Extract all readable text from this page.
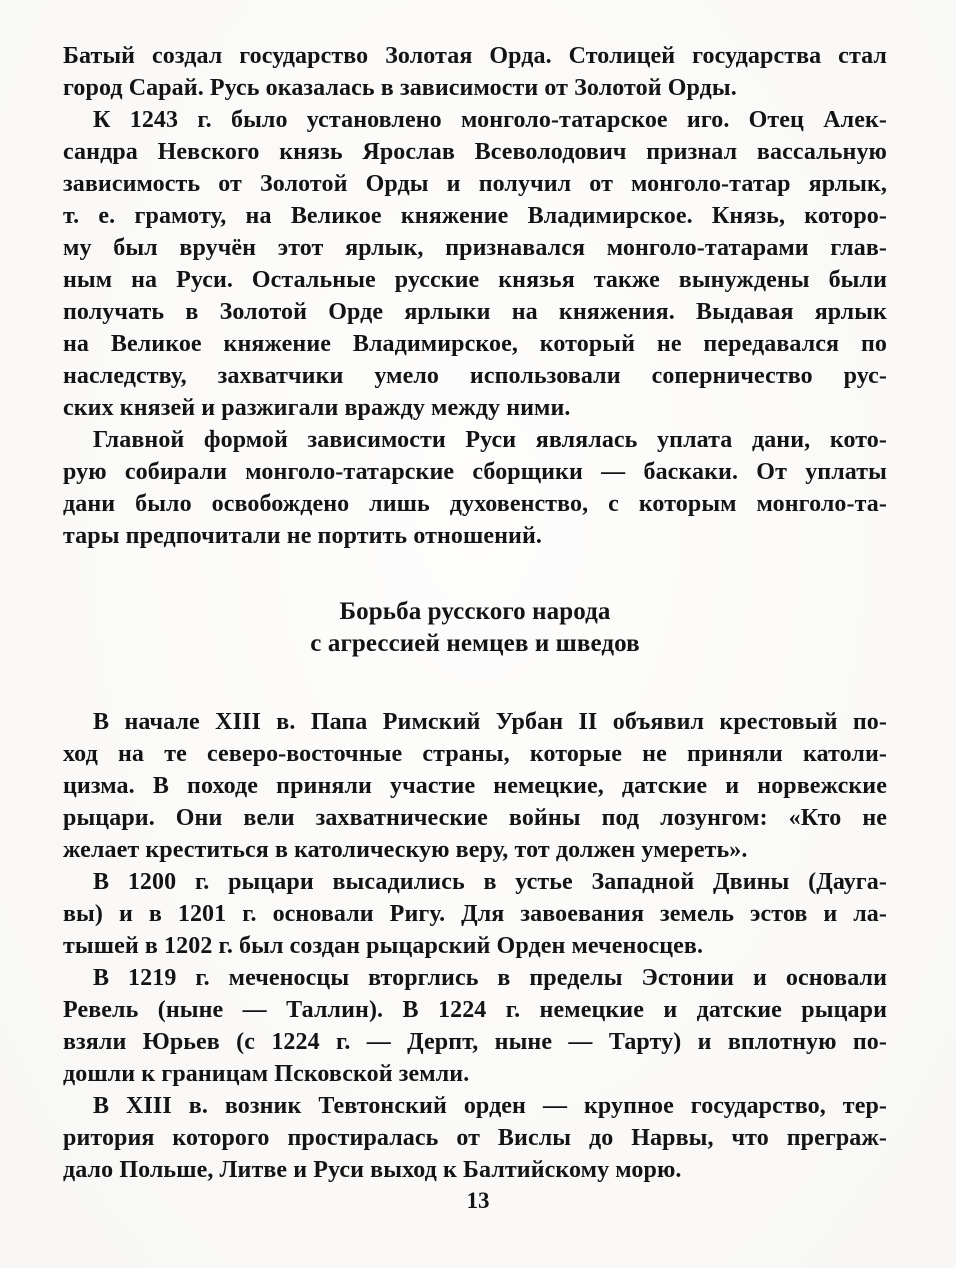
Батый создал государство Золотая Орда. Столицей государства стал
город Сарай. Русь оказалась в зависимости от Золотой Орды.
К 1243 г. было установлено монголо-татарское иго. Отец Алек-
сандра Невского князь Ярослав Всеволодович признал вассальную
зависимость от Золотой Орды и получил от монголо-татар ярлык,
т. е. грамоту, на Великое княжение Владимирское. Князь, которо-
му был вручён этот ярлык, признавался монголо-татарами глав-
ным на Руси. Остальные русские князья также вынуждены были
получать в Золотой Орде ярлыки на княжения. Выдавая ярлык
на Великое княжение Владимирское, который не передавался по
наследству, захватчики умело использовали соперничество рус-
ских князей и разжигали вражду между ними.
Главной формой зависимости Руси являлась уплата дани, кото-
рую собирали монголо-татарские сборщики — баскаки. От уплаты
дани было освобождено лишь духовенство, с которым монголо-та-
тары предпочитали не портить отношений.
Борьба русского народа
с агрессией немцев и шведов
В начале XIII в. Папа Римский Урбан II объявил крестовый по-
ход на те северо-восточные страны, которые не приняли католи-
цизма. В походе приняли участие немецкие, датские и норвежские
рыцари. Они вели захватнические войны под лозунгом: «Кто не
желает креститься в католическую веру, тот должен умереть».
В 1200 г. рыцари высадились в устье Западной Двины (Дауга-
вы) и в 1201 г. основали Ригу. Для завоевания земель эстов и ла-
тышей в 1202 г. был создан рыцарский Орден меченосцев.
В 1219 г. меченосцы вторглись в пределы Эстонии и основали
Ревель (ныне — Таллин). В 1224 г. немецкие и датские рыцари
взяли Юрьев (с 1224 г. — Дерпт, ныне — Тарту) и вплотную по-
дошли к границам Псковской земли.
В XIII в. возник Тевтонский орден — крупное государство, тер-
ритория которого простиралась от Вислы до Нарвы, что преграж-
дало Польше, Литве и Руси выход к Балтийскому морю.
13
